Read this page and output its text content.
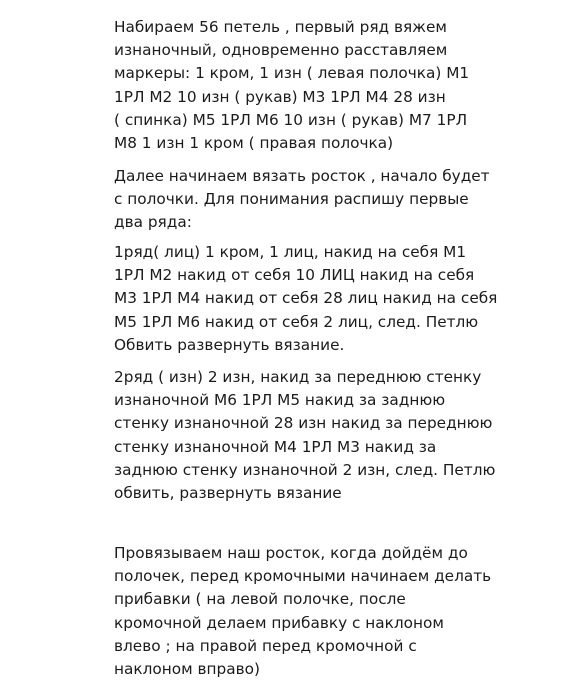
Набираем 56 петель , первый ряд вяжем
изнаночный, одновременно расставляем
маркеры: 1 кром, 1 изн ( левая полочка) М1
1РЛ М2 10 изн ( рукав) М3 1РЛ М4 28 изн
( спинка) М5 1РЛ М6 10 изн ( рукав) М7 1РЛ
М8 1 изн 1 кром ( правая полочка)

Далее начинаем вязать росток , начало будет
с полочки. Для понимания распишу первые
два ряда:

1ряд( лиц) 1 кром, 1 лиц, накид на себя М1
1РЛ М2 накид от себя 10 ЛИЦ накид на себя
М3 1РЛ М4 накид от себя 28 лиц накид на себя
М5 1РЛ М6 накид от себя 2 лиц, след. Петлю
Обвить развернуть вязание.

2ряд ( изн) 2 изн, накид за переднюю стенку
изнаночной М6 1РЛ М5 накид за заднюю
стенку изнаночной 28 изн накид за переднюю
стенку изнаночной М4 1РЛ М3 накид за
заднюю стенку изнаночной 2 изн, след. Петлю
обвить, развернуть вязание

Провязываем наш росток, когда дойдём до
полочек, перед кромочными начинаем делать
прибавки ( на левой полочке, после
кромочной делаем прибавку с наклоном
влево ; на правой перед кромочной с
наклоном вправо)
